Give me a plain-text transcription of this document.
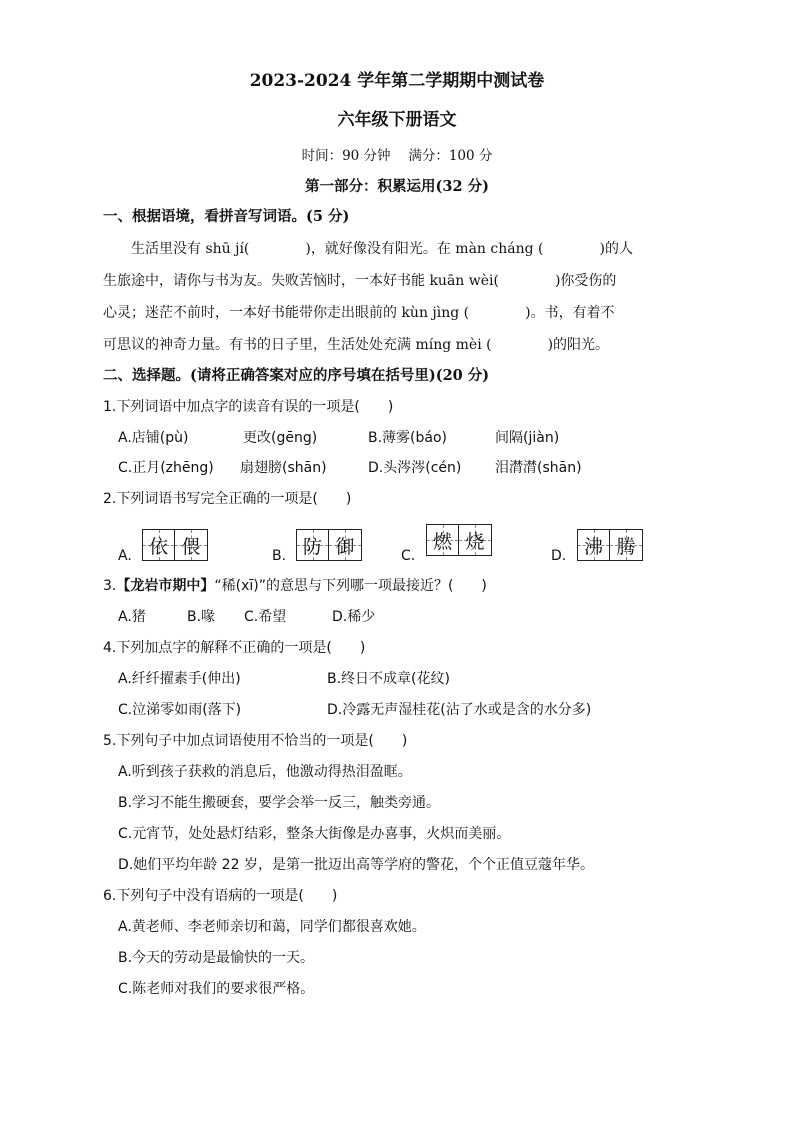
2023-2024 学年第二学期期中测试卷
六年级下册语文
时间：90 分钟　 满分：100 分
第一部分：积累运用(32 分)
一、根据语境，看拼音写词语。(5 分)
　　生活里没有 shū jí(　　　　)，就好像没有阳光。在 màn cháng (　　　　)的人
生旅途中，请你与书为友。失败苦恼时，一本好书能 kuān wèi(　　　　)你受伤的
心灵；迷茫不前时，一本好书能带你走出眼前的 kùn jìng (　　　　)。书，有着不
可思议的神奇力量。有书的日子里，生活处处充满 míng mèi (　　　　)的阳光。
二、选择题。(请将正确答案对应的序号填在括号里)(20 分)
1.下列词语中加点字的读音有误的一项是(　　)
A.店铺(pù)	更改(gēng)	B.薄雾(báo)	间隔(jiàn)
C.正月(zhēng) 扇翅膀(shān)	D.头涔涔(cén) 泪潸潸(shān)
2.下列词语书写完全正确的一项是(　　)
A. 依 偎	B. 防 御	C.
燃 烧
D. 沸 腾
3.【龙岩市期中】“稀(xī)”的意思与下列哪一项最接近？(　　)
A.猪	B.喙 C.希望	D.稀少
4.下列加点字的解释不正确的一项是(　　)
A.纤纤擢素手(伸出)	B.终日不成章(花纹)
C.泣涕零如雨(落下)	D.冷露无声湿桂花(沾了水或是含的水分多)
5.下列句子中加点词语使用不恰当的一项是(　　)
A.听到孩子获救的消息后，他激动得热泪盈眶。
B.学习不能生搬硬套，要学会举一反三，触类旁通。
C.元宵节，处处悬灯结彩，整条大街像是办喜事，火炽而美丽。
D.她们平均年龄 22 岁，是第一批迈出高等学府的警花，个个正值豆蔻年华。
6.下列句子中没有语病的一项是(　　)
A.黄老师、李老师亲切和蔼，同学们都很喜欢她。
B.今天的劳动是最愉快的一天。
C.陈老师对我们的要求很严格。
